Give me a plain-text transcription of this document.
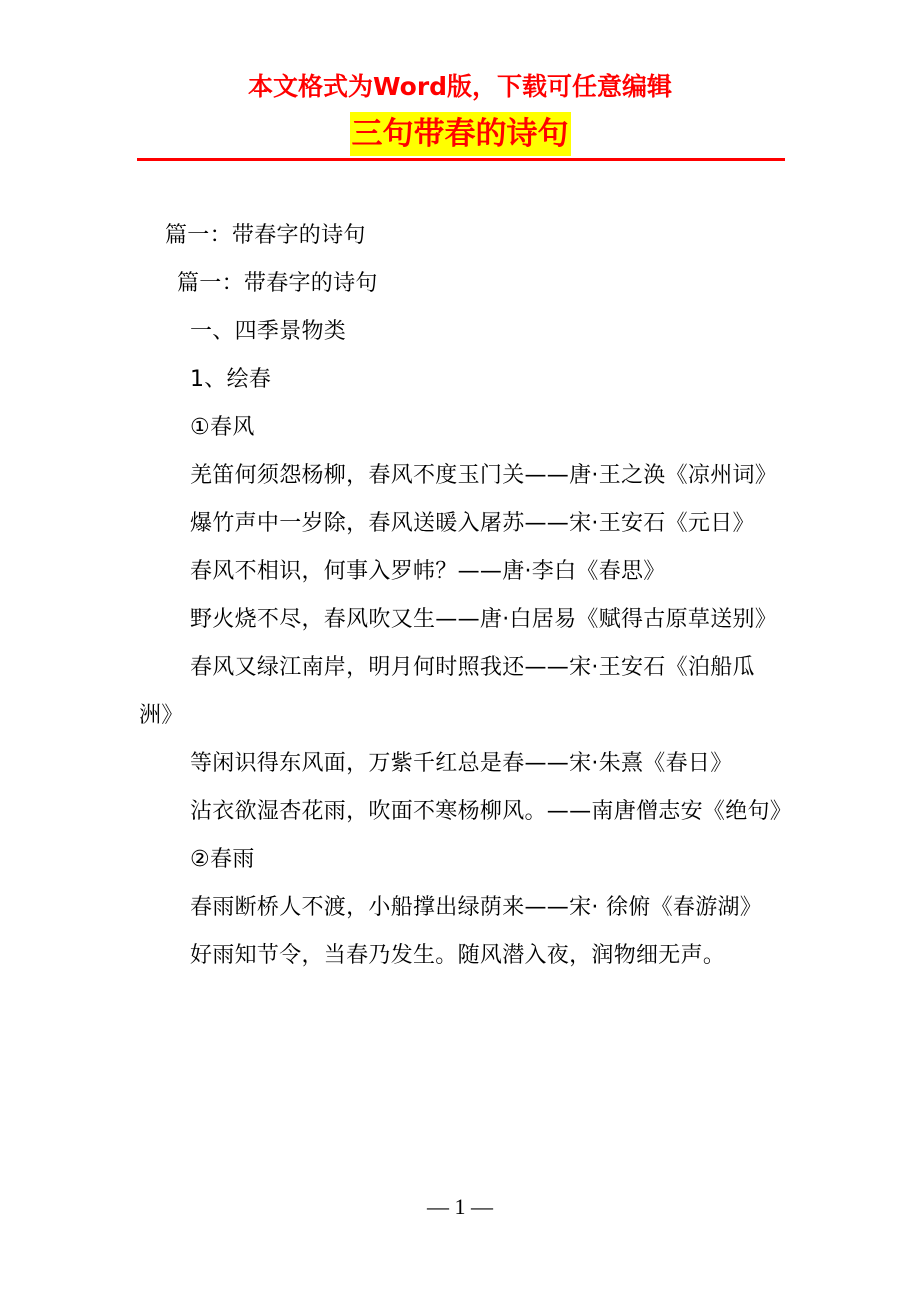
本文格式为Word版，下载可任意编辑
三句带春的诗句
篇一：带春字的诗句
篇一：带春字的诗句
一、四季景物类
1、绘春
①春风
羌笛何须怨杨柳，春风不度玉门关——唐·王之涣《凉州词》
爆竹声中一岁除，春风送暖入屠苏——宋·王安石《元日》
春风不相识，何事入罗帏？——唐·李白《春思》
野火烧不尽，春风吹又生——唐·白居易《赋得古原草送别》
春风又绿江南岸，明月何时照我还——宋·王安石《泊船瓜洲》
等闲识得东风面，万紫千红总是春——宋·朱熹《春日》
沾衣欲湿杏花雨，吹面不寒杨柳风。——南唐僧志安《绝句》
②春雨
春雨断桥人不渡，小船撑出绿荫来——宋· 徐俯《春游湖》
好雨知节令，当春乃发生。随风潜入夜，润物细无声。
— 1 —
